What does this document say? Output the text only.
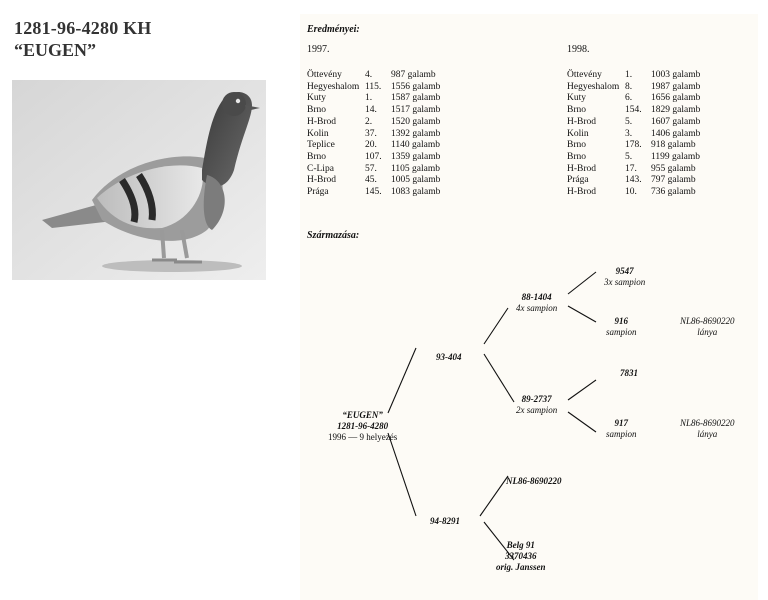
1281-96-4280 KH
“EUGEN”
Eredményei:
1997.	1998.
Öttevény	4.	987 galamb
Hegyeshalom 115.	1556 galamb
Kuty	1.	1587 galamb
Brno	14.	1517 galamb
H-Brod	2.	1520 galamb
Kolin	37.	1392 galamb
Teplice	20.	1140 galamb
Brno	107. 1359 galamb
C-Lipa	57.	1105 galamb
H-Brod	45.	1005 galamb
Prága	145. 1083 galamb
Öttevény	1.	1003 galamb
Hegyeshalom 8.	1987 galamb
Kuty	6.	1656 galamb
Brno	154. 1829 galamb
H-Brod	5.	1607 galamb
Kolin	3.	1406 galamb
Brno	178. 918 galamb
Brno	5.	1199 galamb
H-Brod	17.	955 galamb
Prága	143. 797 galamb
H-Brod	10.	736 galamb
Származása:
“EUGEN”
1281-96-4280
1996 — 9 helyezés
93-404
94-8291
88-1404
4x sampion
89-2737
2x sampion
NL86-8690220
Belg 91
3370436
orig. Janssen
9547
3x sampion
916
sampion
NL86-8690220
lánya
7831
917
sampion
NL86-8690220
lánya
